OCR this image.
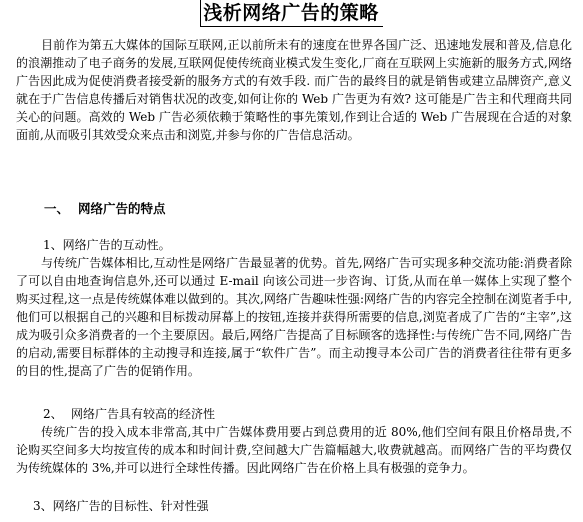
浅析网络广告的策略

目前作为第五大媒体的国际互联网,正以前所未有的速度在世界各国广泛、迅速地发展和普及,信息化的浪潮推动了电子商务的发展,互联网促使传统商业模式发生变化,厂商在互联网上实施新的服务方式,网络广告因此成为促使消费者接受新的服务方式的有效手段. 而广告的最终目的就是销售或建立品牌资产,意义就在于广告信息传播后对销售状况的改变,如何让你的 Web 广告更为有效? 这可能是广告主和代理商共同关心的问题。高效的 Web 广告必须依赖于策略性的事先策划,作到让合适的 Web 广告展现在合适的对象面前,从而吸引其效受众来点击和浏览,并参与你的广告信息活动。

一、 网络广告的特点
1、网络广告的互动性。

与传统广告媒体相比,互动性是网络广告最显著的优势。首先,网络广告可实现多种交流功能:消费者除了可以自由地查询信息外,还可以通过 E-mail 向该公司进一步咨询、订货,从而在单一媒体上实现了整个购买过程,这一点是传统媒体难以做到的。其次,网络广告趣味性强:网络广告的内容完全控制在浏览者手中,他们可以根据自己的兴趣和目标拨动屏幕上的按钮,连接并获得所需要的信息,浏览者成了广告的“主宰”,这成为吸引众多消费者的一个主要原因。最后,网络广告提高了目标顾客的选择性:与传统广告不同,网络广告的启动,需要目标群体的主动搜寻和连接,属于“软件广告”。而主动搜寻本公司广告的消费者往往带有更多的目的性,提高了广告的促销作用。

2、 网络广告具有较高的经济性

传统广告的投入成本非常高,其中广告媒体费用要占到总费用的近 80%,他们空间有限且价格昂贵,不论购买空间多大均按宣传的成本和时间计费,空间越大广告篇幅越大,收费就越高。而网络广告的平均费仅为传统媒体的 3%,并可以进行全球性传播。因此网络广告在价格上具有极强的竞争力。

3、网络广告的目标性、针对性强
